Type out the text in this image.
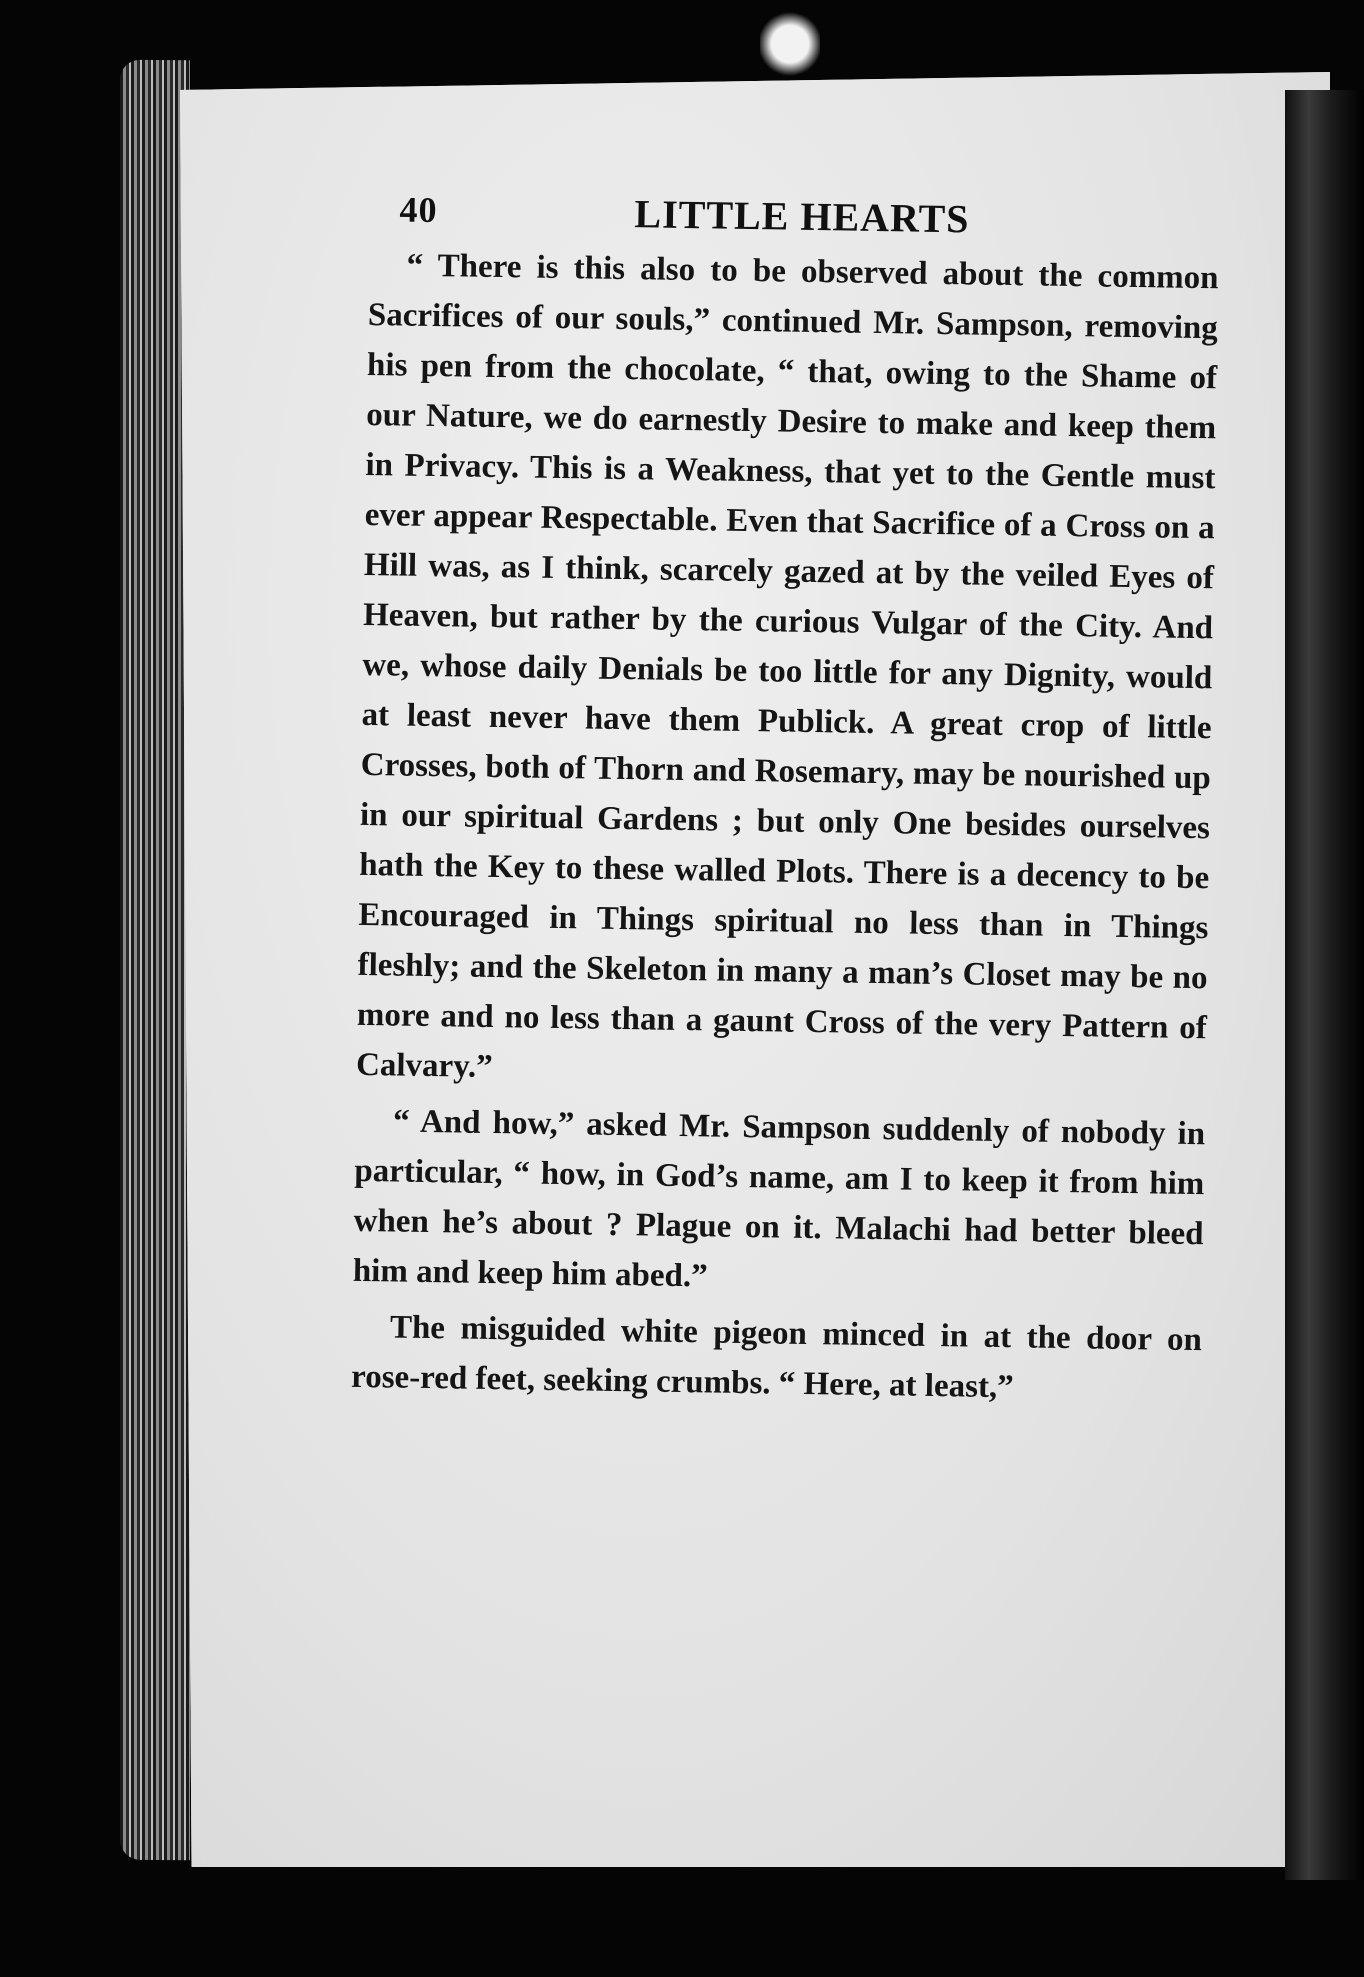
40	LITTLE HEARTS

“ There is this also to be observed about the common Sacrifices of our souls,” continued Mr. Sampson, removing his pen from the chocolate, “ that, owing to the Shame of our Nature, we do earnestly Desire to make and keep them in Privacy. This is a Weakness, that yet to the Gentle must ever appear Respectable. Even that Sacrifice of a Cross on a Hill was, as I think, scarcely gazed at by the veiled Eyes of Heaven, but rather by the curious Vulgar of the City. And we, whose daily Denials be too little for any Dignity, would at least never have them Publick. A great crop of little Crosses, both of Thorn and Rosemary, may be nourished up in our spiritual Gardens ; but only One besides ourselves hath the Key to these walled Plots. There is a decency to be Encouraged in Things spiritual no less than in Things fleshly; and the Skeleton in many a man’s Closet may be no more and no less than a gaunt Cross of the very Pattern of Calvary.”

“ And how,” asked Mr. Sampson suddenly of nobody in particular, “ how, in God’s name, am I to keep it from him when he’s about ? Plague on it. Malachi had better bleed him and keep him abed.”

The misguided white pigeon minced in at the door on rose-red feet, seeking crumbs. “ Here, at least,”
